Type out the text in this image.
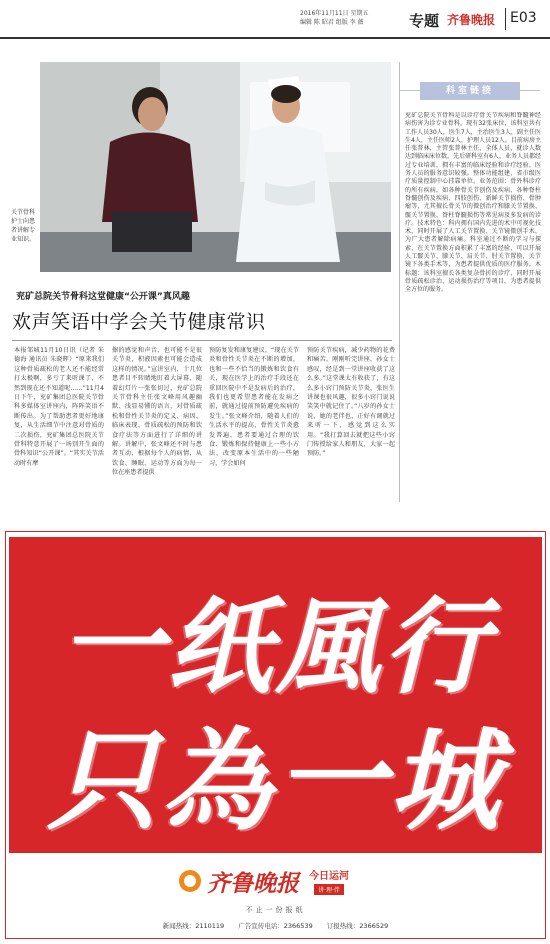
2016年11月11日 星期五
编辑 陈 昭君 组版 李 薇	专题 齐鲁晚报 E03
关节骨科护士向患者讲解专业知识。
兖矿总院关节骨科这堂健康“公开课”真风趣
欢声笑语中学会关节健康常识
本报邹城11月10日讯（记者 朱德海 通讯员 朱晓晖）“原来我们这种骨质疏松的老人还不能经常打太极啊，多亏了来听课了，不然到现在还不知道呢……”11月4日下午，兖矿集团总医院关节骨科多媒体室讲座内，阵阵笑语不断传出。为了帮助患者更好地康复，从生活细节中注意对骨质的二次损伤，兖矿集团总医院关节骨科特意开展了一场别开生面的骨科知识“公开课”。“其实关节活动时有摩
擦的感觉和声音，也可能不是很关节炎，积液因素也可能会造成这样的情况。”宣讲室内，十几位患者目不转睛地盯着大屏幕，随着幻灯片一张张切过，兖矿总院关节骨科主任张文峰用风趣幽默、浅显易懂的语言，对骨质疏松和骨性关节炎的定义、病因、临床表现、骨质疏松的预防和饮食疗法等方面进行了详细的讲解。讲解中，张文峰还不时与患者互动，根据每个人的病情，从饮食、睡眠、运动等方面为每一位在座患者提供
预防复发和康复建议。“现在关节炎和骨性关节炎在不断的增加，也和一些不恰当的锻炼和饮食有关，现在医学上的治疗手段还在重回医院中不是发病后的治疗，我们也更希望患者能在发病之前，就通过提前预防避免疾病的发生。”张文峰介绍，随着人们的生活水平的提高，骨性关节炎愈发普遍，患者要通过合理的饮食、锻炼和保持健康上一些小方法，改变原本生活中的一些陋习，学会如何
预防关节疾病，减少药物的花费和痛苦。刚刚听完讲座，孙女士感叹，经是到一堂讲座收获了这么多。”这堂课太有收获了，有这么多小窍门预防关节炎，张医生讲课也很风趣，很多小窍门说说笑笑中就记住了。”八岁的孙女士说，她的老伴也，正好有调就过来听一下，感觉到这么实用。“我打算回去就把这些小窍门传授给家人和朋友，大家一起预防。”
科室链接
兖矿总院关节骨科是以诊疗骨关节疾病和脊髓神经病伤害为诊专业骨科。现有32张床位，该科室共有工作人员30人，医生7人，主治医生3人，副主任医生4人，主任医师2人，护理人员12人。目前病房主任张普林，主管张普林主任，全体人员，就诊人数达到临床床位数。先后研科室有6人，业务人员都经过专业培训，拥有丰富的临床经验和诊疗经验。医务人员的服务意识较强。整体功能组建，省市级医疗质量控制中心挂靠单位。业务范围：骨外科诊疗的所有疾病，如各种骨关节创伤及疾病、各种脊柱脊髓创伤及疾病、四肢创伤、新鲜关节损伤、骨肿瘤等，尤其擅长骨关节的微创治疗和膝关节置换、髋关节置换、脊柱脊髓损伤等常见病及多发病的诊疗。技术特色：科内拥有国内先进的术中可视化技术，同时开展了人工关节置换、关节镜微创手术，为广大患者解除病痛。科室通过不断的学习与探索，在关节置换方面积累了丰富的经验，可以开展人工髋关节、膝关节、肩关节、肘关节置换，关节镜下各类手术等，为患者提供优质的医疗服务。木标题：该科室擅长各类复杂骨折的诊疗，同时开展骨质疏松诊治、运动损伤治疗等项目，为患者提供全方位的服务。
一纸風行
只為一城
齐鲁晚报 今日运河
讲·理·伴
不止一份报纸
新闻热线：2110119 广告宣传电话：2366539 订报热线：2366529
